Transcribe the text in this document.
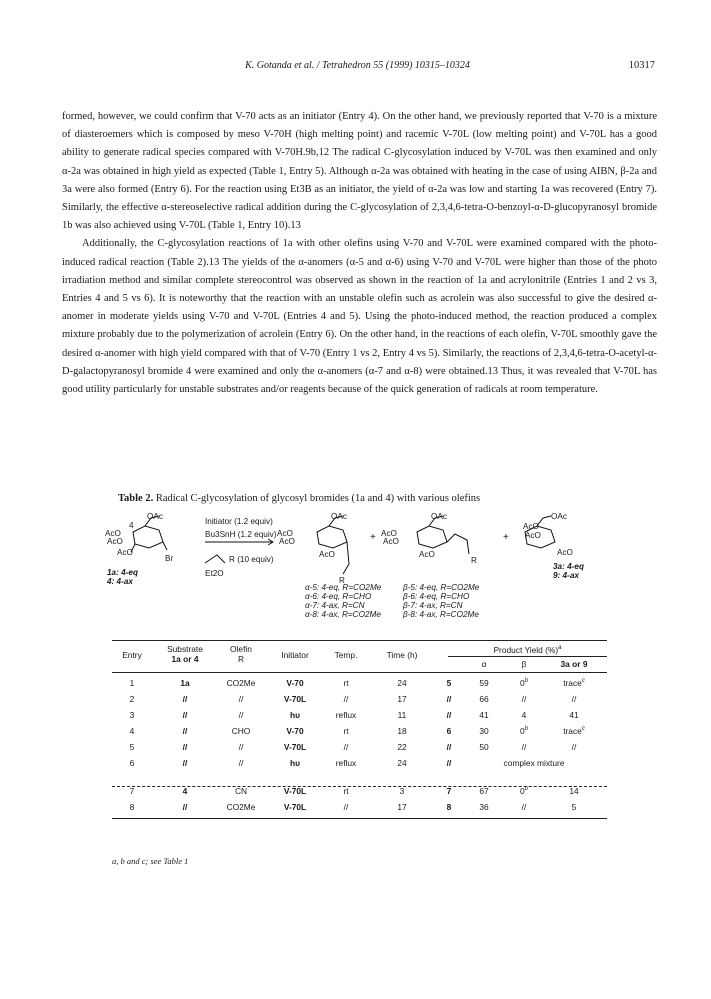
K. Gotanda et al. / Tetrahedron 55 (1999) 10315–10324	10317

formed, however, we could confirm that V-70 acts as an initiator (Entry 4). On the other hand, we previously reported that V-70 is a mixture of diasteroemers which is composed by meso V-70H (high melting point) and racemic V-70L (low melting point) and V-70L has a good ability to generate radical species compared with V-70H.9b,12 The radical C-glycosylation induced by V-70L was then examined and only α-2a was obtained in high yield as expected (Table 1, Entry 5). Although α-2a was obtained with heating in the case of using AIBN, β-2a and 3a were also formed (Entry 6). For the reaction using Et3B as an initiator, the yield of α-2a was low and starting 1a was recovered (Entry 7). Similarly, the effective α-stereoselective radical addition during the C-glycosylation of 2,3,4,6-tetra-O-benzoyl-α-D-glucopyranosyl bromide 1b was also achieved using V-70L (Table 1, Entry 10).13

Additionally, the C-glycosylation reactions of 1a with other olefins using V-70 and V-70L were examined compared with the photo-induced radical reaction (Table 2).13 The yields of the α-anomers (α-5 and α-6) using V-70 and V-70L were higher than those of the photo irradiation method and similar complete stereocontrol was observed as shown in the reaction of 1a and acrylonitrile (Entries 1 and 2 vs 3, Entries 4 and 5 vs 6). It is noteworthy that the reaction with an unstable olefin such as acrolein was also successful to give the desired α-anomer in moderate yields using V-70 and V-70L (Entries 4 and 5). Using the photo-induced method, the reaction produced a complex mixture probably due to the polymerization of acrolein (Entry 6). On the other hand, in the reactions of each olefin, V-70L smoothly gave the desired α-anomer with high yield compared with that of V-70 (Entry 1 vs 2, Entry 4 vs 5). Similarly, the reactions of 2,3,4,6-tetra-O-acetyl-α-D-galactopyranosyl bromide 4 were examined and only the α-anomers (α-7 and α-8) were obtained.13 Thus, it was revealed that V-70L has good utility particularly for unstable substrates and/or reagents because of the quick generation of radicals at room temperature.

Table 2. Radical C-glycosylation of glycosyl bromides (1a and 4) with various olefins
OAc
4
AcO
AcO
AcO
Br
1a: 4-eq
4: 4-ax
Initiator (1.2 equiv)
Bu3SnH (1.2 equiv)
R (10 equiv)
Et2O
OAc
AcO
AcO
AcO
R
+
OAc
AcO
AcO
AcO
R
+
OAc
AcO
AcO
AcO
3a: 4-eq
9: 4-ax
α-5: 4-eq, R=CO2Me	β-5: 4-eq, R=CO2Me
α-6: 4-eq, R=CHO	β-6: 4-eq, R=CHO
α-7: 4-ax, R=CN	β-7: 4-ax, R=CN
α-8: 4-ax, R=CO2Me	β-8: 4-ax, R=CO2Me
Entry
Substrate
1a or 4
Olefin
R	Initiator	Temp.	Time (h)
Product Yield (%)$^a$
α	β	3a or 9
1	1a	CO2Me	V-70	rt	24	5	59	0$^b$	trace$^c$
2	//	//	V-70L	//	17	//	66	//	//
3	//	//	hυ	reflux	11	//	41	4	41
4	//	CHO	V-70	rt	18	6	30	0$^b$	trace$^c$
5	//	//	V-70L	//	22	//	50	//	//
6	//	//	hυ	reflux	24	//	complex mixture
7	4	CN	V-70L	rt	3	7	67	0$^b$	14
8	//	CO2Me	V-70L	//	17	8	36	//	5
a, b and c; see Table 1
